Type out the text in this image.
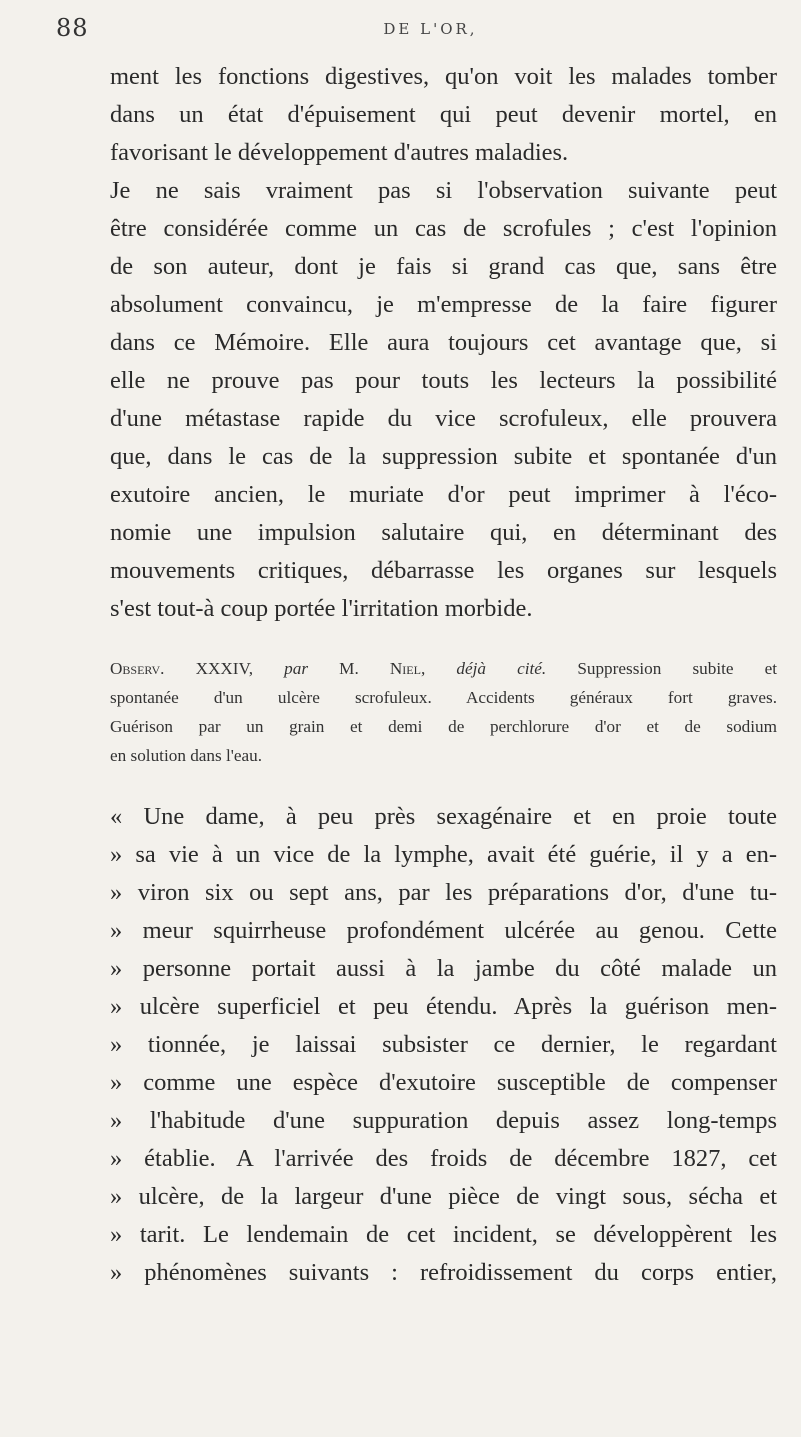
88	DE L'OR,

ment les fonctions digestives, qu'on voit les malades tomber
dans un état d'épuisement qui peut devenir mortel, en
favorisant le développement d'autres maladies.

Je ne sais vraiment pas si l'observation suivante peut
être considérée comme un cas de scrofules ; c'est l'opinion
de son auteur, dont je fais si grand cas que, sans être
absolument convaincu, je m'empresse de la faire figurer
dans ce Mémoire. Elle aura toujours cet avantage que, si
elle ne prouve pas pour touts les lecteurs la possibilité
d'une métastase rapide du vice scrofuleux, elle prouvera
que, dans le cas de la suppression subite et spontanée d'un
exutoire ancien, le muriate d'or peut imprimer à l'éco-
nomie une impulsion salutaire qui, en déterminant des
mouvements critiques, débarrasse les organes sur lesquels
s'est tout-à coup portée l'irritation morbide.

Observ. XXXIV, par M. Niel, déjà cité. Suppression subite et
spontanée d'un ulcère scrofuleux. Accidents généraux fort graves.
Guérison par un grain et demi de perchlorure d'or et de sodium
en solution dans l'eau.

« Une dame, à peu près sexagénaire et en proie toute
» sa vie à un vice de la lymphe, avait été guérie, il y a en-
» viron six ou sept ans, par les préparations d'or, d'une tu-
» meur squirrheuse profondément ulcérée au genou. Cette
» personne portait aussi à la jambe du côté malade un
» ulcère superficiel et peu étendu. Après la guérison men-
» tionnée, je laissai subsister ce dernier, le regardant
» comme une espèce d'exutoire susceptible de compenser
» l'habitude d'une suppuration depuis assez long-temps
» établie. A l'arrivée des froids de décembre 1827, cet
» ulcère, de la largeur d'une pièce de vingt sous, sécha et
» tarit. Le lendemain de cet incident, se développèrent les
» phénomènes suivants : refroidissement du corps entier,
